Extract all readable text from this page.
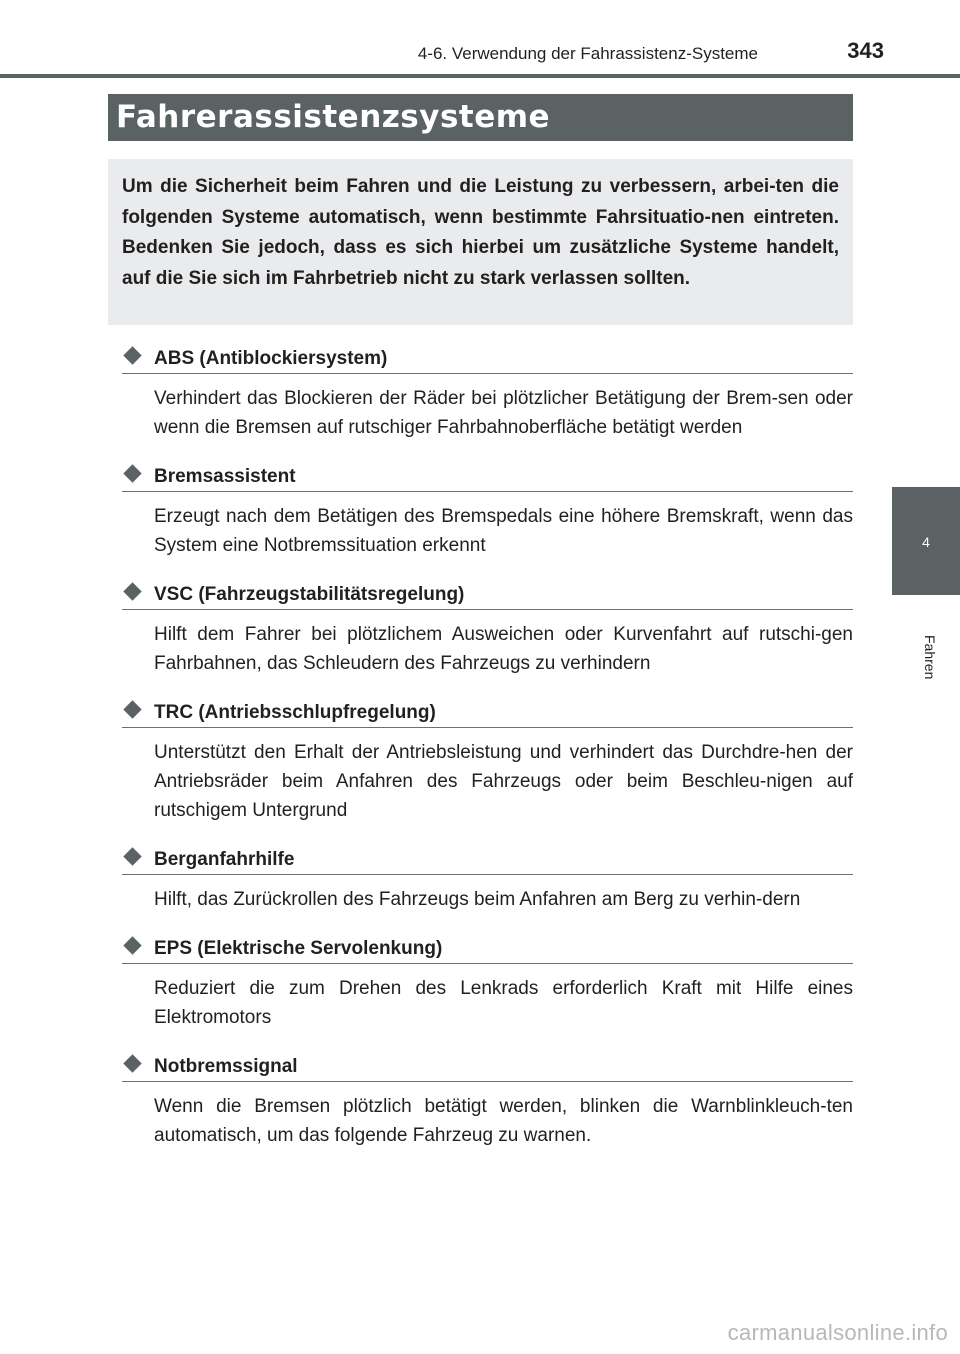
4-6. Verwendung der Fahrassistenz-Systeme	343
Fahrerassistenzsysteme
Um die Sicherheit beim Fahren und die Leistung zu verbessern, arbei-ten die folgenden Systeme automatisch, wenn bestimmte Fahrsituatio-nen eintreten. Bedenken Sie jedoch, dass es sich hierbei um zusätzliche Systeme handelt, auf die Sie sich im Fahrbetrieb nicht zu stark verlassen sollten.
ABS (Antiblockiersystem)
Verhindert das Blockieren der Räder bei plötzlicher Betätigung der Brem-sen oder wenn die Bremsen auf rutschiger Fahrbahnoberfläche betätigt werden
Bremsassistent
Erzeugt nach dem Betätigen des Bremspedals eine höhere Bremskraft, wenn das System eine Notbremssituation erkennt
VSC (Fahrzeugstabilitätsregelung)
Hilft dem Fahrer bei plötzlichem Ausweichen oder Kurvenfahrt auf rutschi-gen Fahrbahnen, das Schleudern des Fahrzeugs zu verhindern
TRC (Antriebsschlupfregelung)
Unterstützt den Erhalt der Antriebsleistung und verhindert das Durchdre-hen der Antriebsräder beim Anfahren des Fahrzeugs oder beim Beschleu-nigen auf rutschigem Untergrund
Berganfahrhilfe
Hilft, das Zurückrollen des Fahrzeugs beim Anfahren am Berg zu verhin-dern
EPS (Elektrische Servolenkung)
Reduziert die zum Drehen des Lenkrads erforderlich Kraft mit Hilfe eines Elektromotors
Notbremssignal
Wenn die Bremsen plötzlich betätigt werden, blinken die Warnblinkleuch-ten automatisch, um das folgende Fahrzeug zu warnen.
4
Fahren
carmanualsonline.info
